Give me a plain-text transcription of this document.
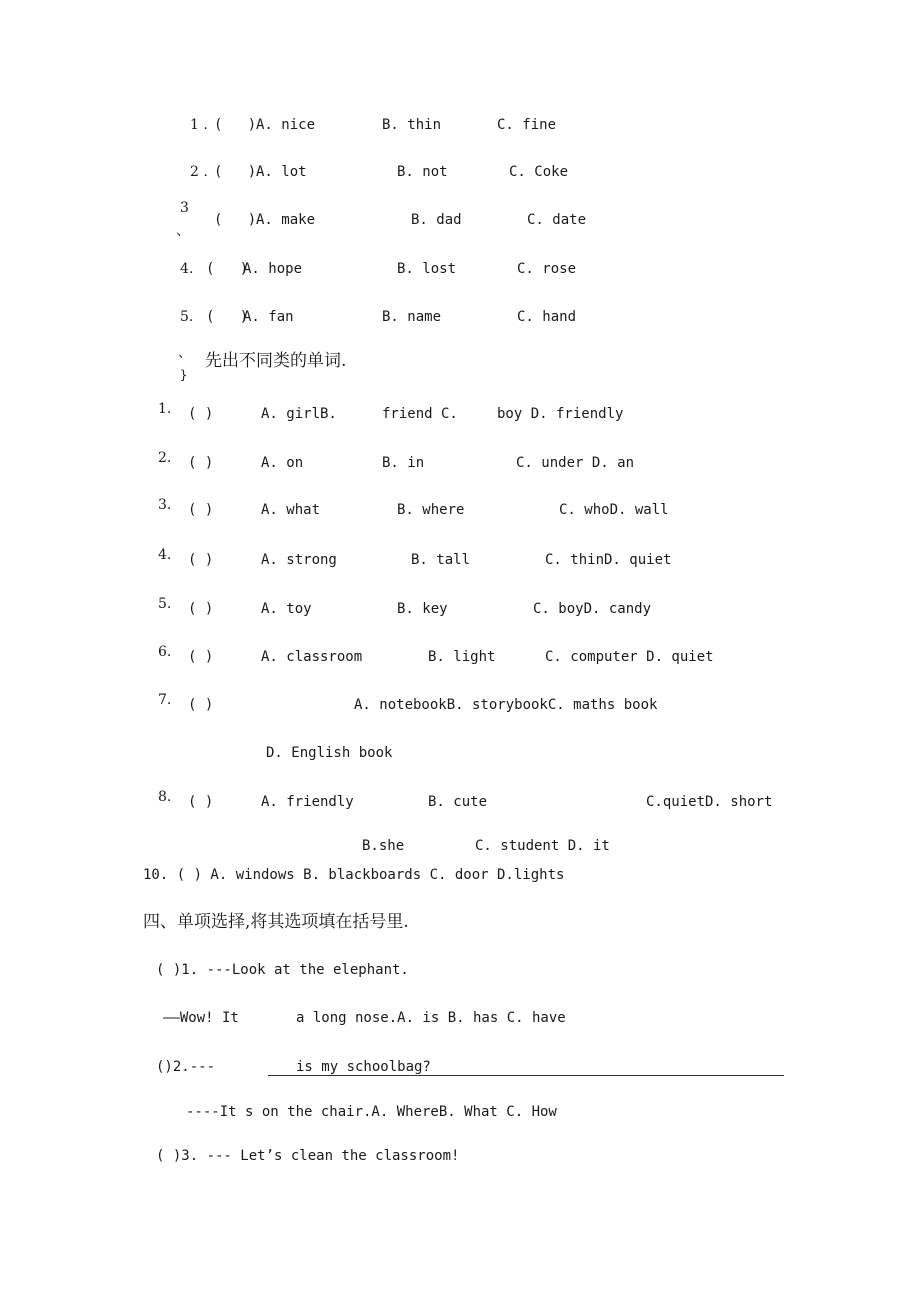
1 . (   ) A. nice	B. thin	C. fine
2 . (   ) A. lot	B. not	C. Coke
3
、
(   ) A. make	B. dad	C. date
4. (   )
A. hope	B. lost	C. rose
5. (   )
A. fan	B. name	C. hand
、
}
先出不同类的单词.
1. ( )	A. girlB.	friend C.	boy D. friendly
2. ( )	A. on	B. in	C. under D. an
3. ( )	A. what	B. where	C. whoD. wall
4. ( )	A. strong	B. tall	C. thinD. quiet
5. ( )	A. toy	B. key	C. boyD. candy
6. ( )	A. classroom	B. light	C. computer D. quiet
7. ( )	A. notebookB. storybookC. maths book
D. English book
8. ( )	A. friendly	B. cute	C.quietD. short
B.she	C. student D. it
10. ( ) A. windows B. blackboards C. door D.lights
四、单项选择,将其选项填在括号里.
( )1. ---Look at the elephant.
——Wow! It	a long nose.A. is B. has C. have
()2.---	is my schoolbag?
----It s on the chair.A. WhereB. What C. How
( )3. --- Let’s clean the classroom!
